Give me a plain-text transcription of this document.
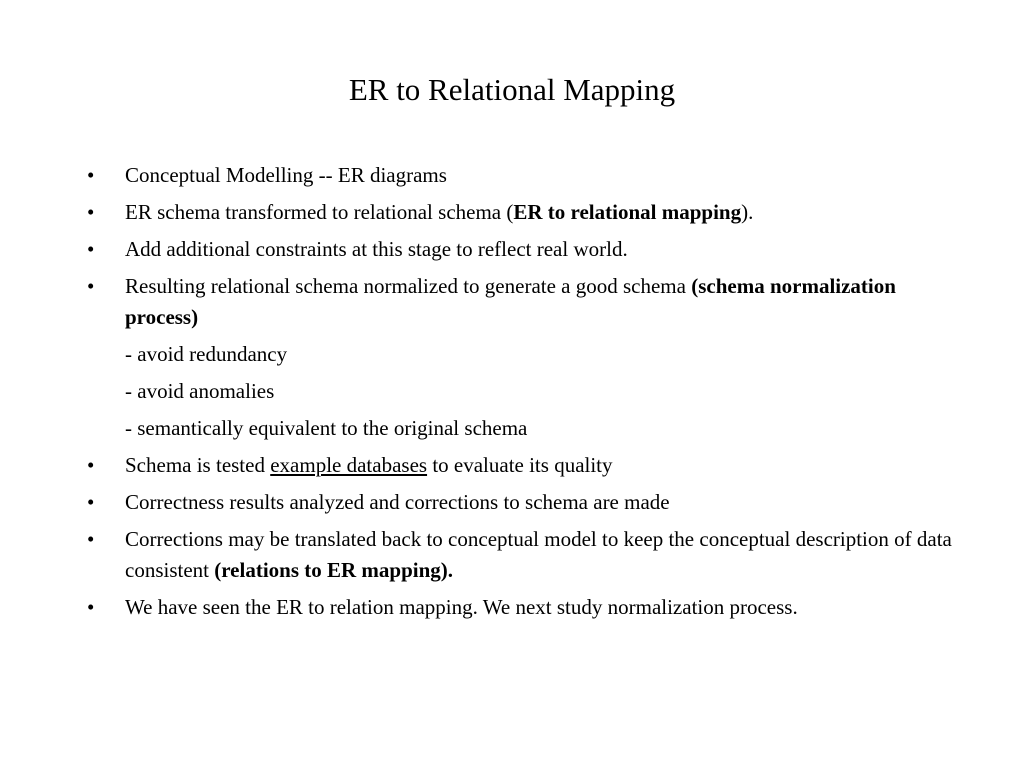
ER to Relational Mapping
• Conceptual Modelling -- ER diagrams
• ER schema transformed to relational schema (ER to relational mapping).
• Add additional constraints at this stage to reflect real world.
• Resulting relational schema normalized to generate a good schema (schema normalization process)
- avoid redundancy
- avoid anomalies
- semantically equivalent to the original schema
• Schema is tested example databases to evaluate its quality
• Correctness results analyzed and corrections to schema are made
• Corrections may be translated back to conceptual model to keep the conceptual description of data consistent (relations to ER mapping).
• We have seen the ER to relation mapping. We next study normalization process.
